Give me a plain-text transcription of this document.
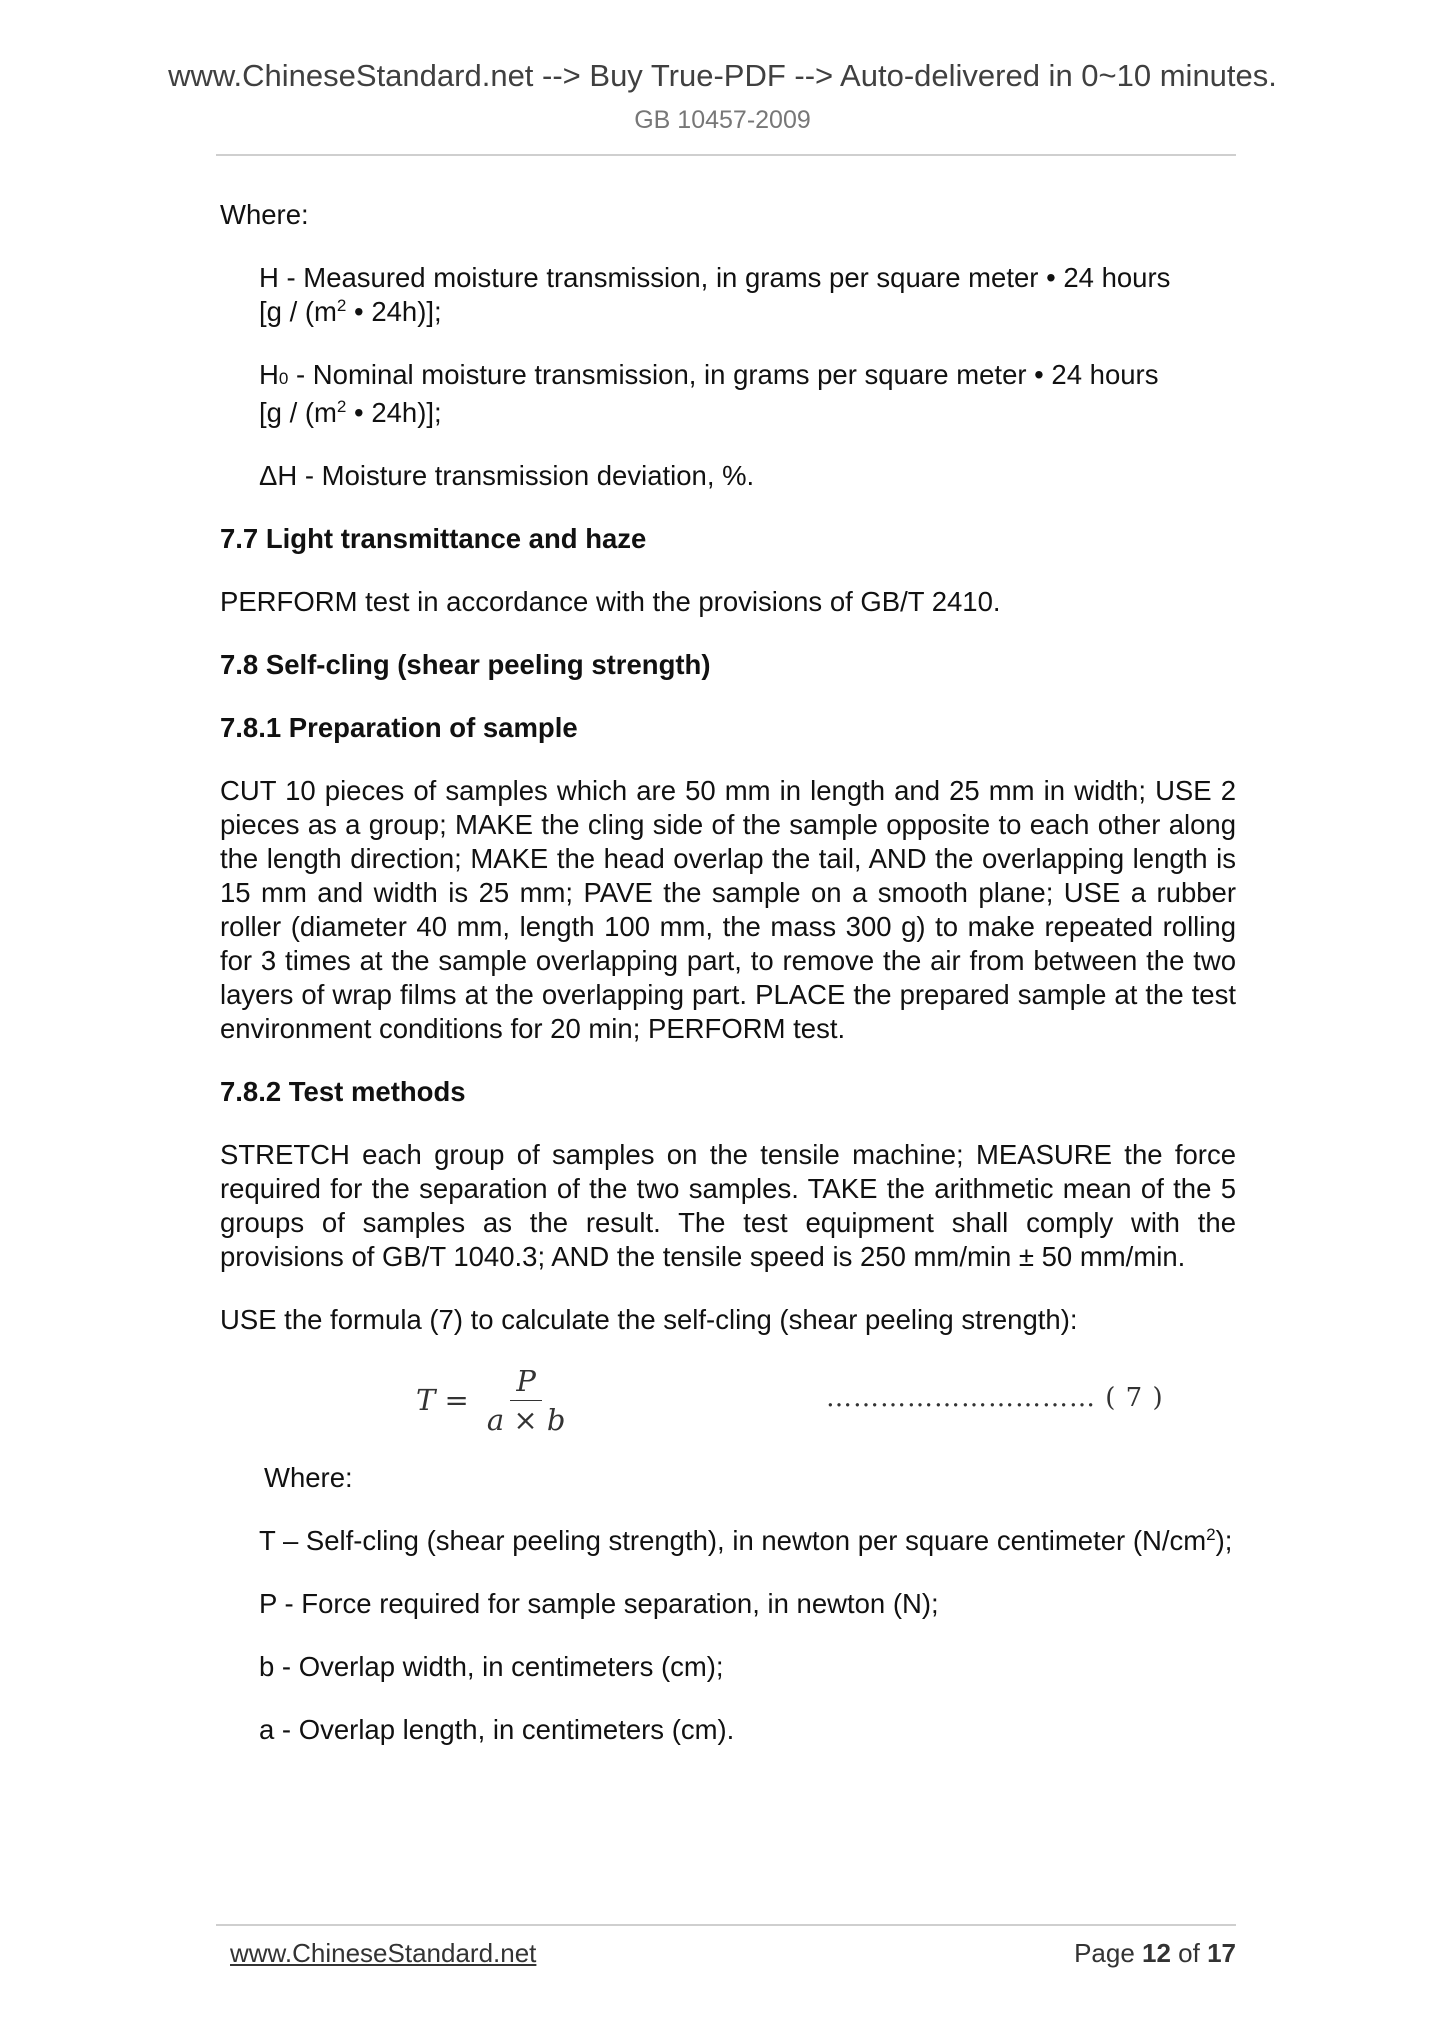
www.ChineseStandard.net --> Buy True-PDF --> Auto-delivered in 0~10 minutes.
GB 10457-2009

Where:

H - Measured moisture transmission, in grams per square meter • 24 hours
[$g / (m^2$ • 24h)];

H0 - Nominal moisture transmission, in grams per square meter • 24 hours
[$g / (m^2$ • 24h)];

ΔH - Moisture transmission deviation, %.

7.7 Light transmittance and haze

PERFORM test in accordance with the provisions of GB/T 2410.

7.8 Self-cling (shear peeling strength)

7.8.1 Preparation of sample

CUT 10 pieces of samples which are 50 mm in length and 25 mm in width; USE 2 pieces as a group; MAKE the cling side of the sample opposite to each other along the length direction; MAKE the head overlap the tail, AND the overlapping length is 15 mm and width is 25 mm; PAVE the sample on a smooth plane; USE a rubber roller (diameter 40 mm, length 100 mm, the mass 300 g) to make repeated rolling for 3 times at the sample overlapping part, to remove the air from between the two layers of wrap films at the overlapping part. PLACE the prepared sample at the test environment conditions for 20 min; PERFORM test.

7.8.2 Test methods

STRETCH each group of samples on the tensile machine; MEASURE the force required for the separation of the two samples. TAKE the arithmetic mean of the 5 groups of samples as the result. The test equipment shall comply with the provisions of GB/T 1040.3; AND the tensile speed is 250 mm/min ± 50 mm/min.

USE the formula (7) to calculate the self-cling (shear peeling strength):

$T = \frac{P}{a \times b}$	………………………… ( 7 )

Where:

T – Self-cling (shear peeling strength), in newton per square centimeter $(N/cm^2)$;

P - Force required for sample separation, in newton (N);

b - Overlap width, in centimeters (cm);

a - Overlap length, in centimeters (cm).

www.ChineseStandard.net	Page 12 of 17
